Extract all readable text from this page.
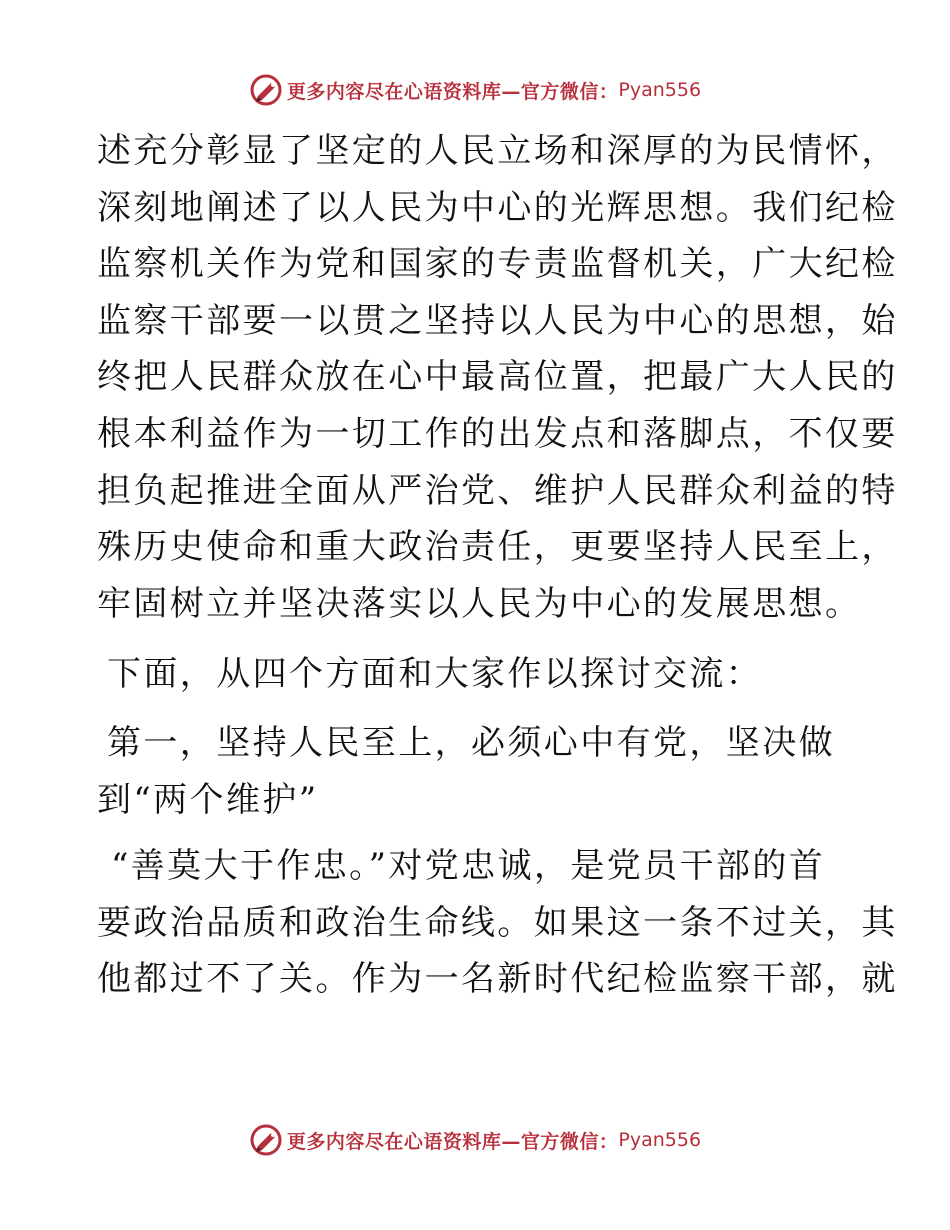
更多内容尽在心语资料库—官方微信： Pyan556
述充分彰显了坚定的人民立场和深厚的为民情怀，
深刻地阐述了以人民为中心的光辉思想。我们纪检
监察机关作为党和国家的专责监督机关，广大纪检
监察干部要一以贯之坚持以人民为中心的思想，始
终把人民群众放在心中最高位置，把最广大人民的
根本利益作为一切工作的出发点和落脚点，不仅要
担负起推进全面从严治党、维护人民群众利益的特
殊历史使命和重大政治责任，更要坚持人民至上，
牢固树立并坚决落实以人民为中心的发展思想。
下面，从四个方面和大家作以探讨交流：
第一，坚持人民至上，必须心中有党，坚决做
到“两个维护”
“善莫大于作忠。”对党忠诚，是党员干部的首
要政治品质和政治生命线。如果这一条不过关，其
他都过不了关。作为一名新时代纪检监察干部，就
更多内容尽在心语资料库—官方微信： Pyan556
